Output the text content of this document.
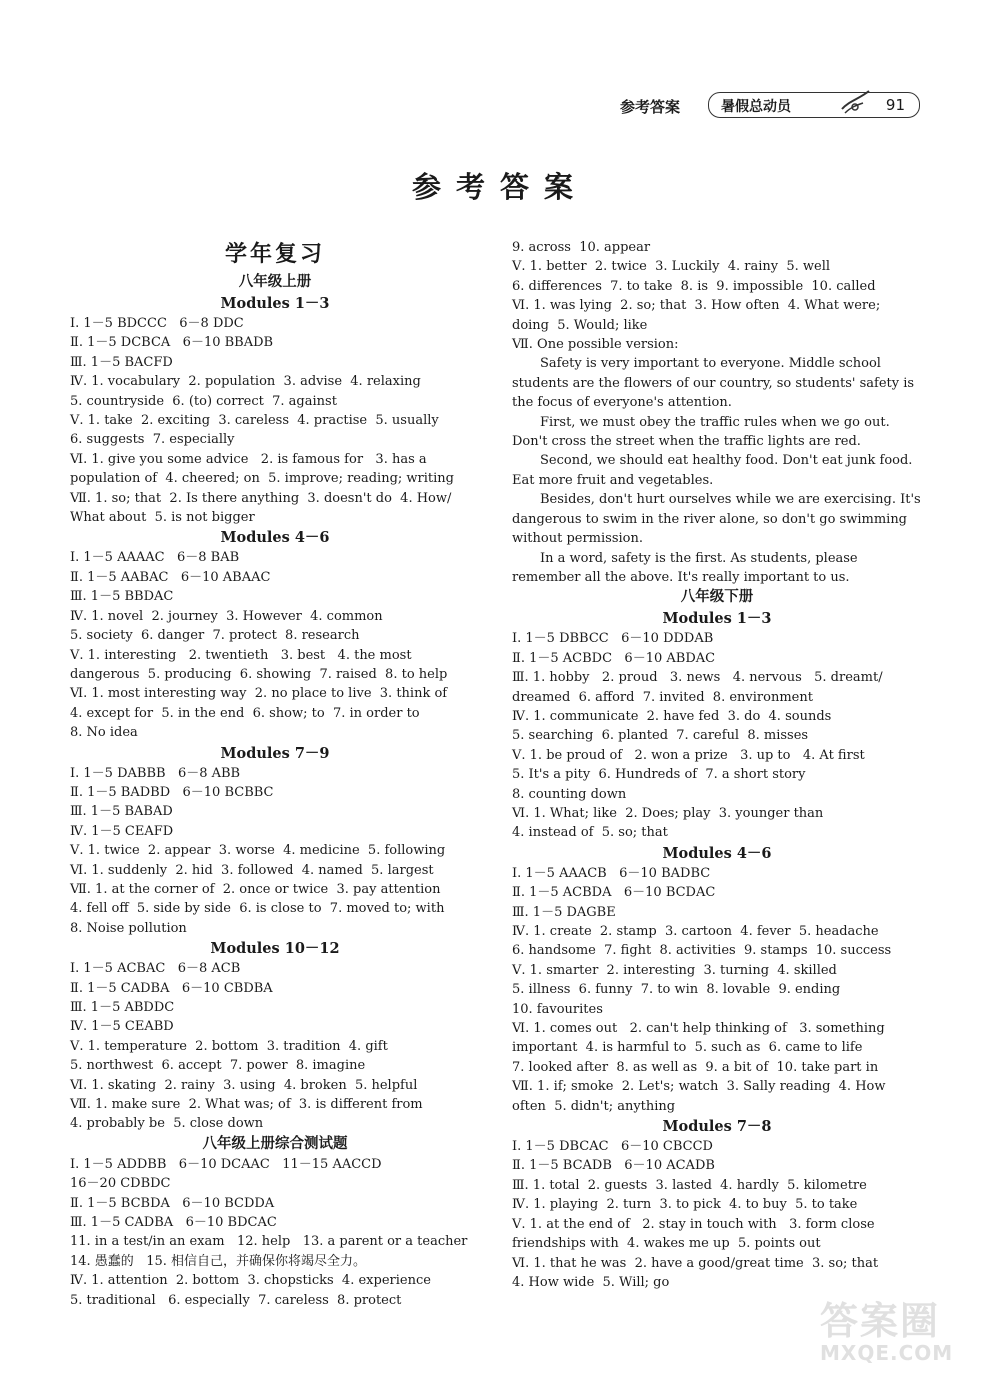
参考答案	暑假总动员	91
参考答案
学年复习
八年级上册
Modules 1－3
Ⅰ. 1－5 BDCCC   6－8 DDC
Ⅱ. 1－5 DCBCA   6－10 BBADB
Ⅲ. 1－5 BACFD
Ⅳ. 1. vocabulary  2. population  3. advise  4. relaxing
5. countryside  6. (to) correct  7. against
Ⅴ. 1. take  2. exciting  3. careless  4. practise  5. usually
6. suggests  7. especially
Ⅵ. 1. give you some advice   2. is famous for   3. has a
population of  4. cheered; on  5. improve; reading; writing
Ⅶ. 1. so; that  2. Is there anything  3. doesn't do  4. How/
What about  5. is not bigger
Modules 4－6
Ⅰ. 1－5 AAAAC   6－8 BAB
Ⅱ. 1－5 AABAC   6－10 ABAAC
Ⅲ. 1－5 BBDAC
Ⅳ. 1. novel  2. journey  3. However  4. common
5. society  6. danger  7. protect  8. research
Ⅴ. 1. interesting   2. twentieth   3. best   4. the most
dangerous  5. producing  6. showing  7. raised  8. to help
Ⅵ. 1. most interesting way  2. no place to live  3. think of
4. except for  5. in the end  6. show; to  7. in order to
8. No idea
Modules 7－9
Ⅰ. 1－5 DABBB   6－8 ABB
Ⅱ. 1－5 BADBD   6－10 BCBBC
Ⅲ. 1－5 BABAD
Ⅳ. 1－5 CEAFD
Ⅴ. 1. twice  2. appear  3. worse  4. medicine  5. following
Ⅵ. 1. suddenly  2. hid  3. followed  4. named  5. largest
Ⅶ. 1. at the corner of  2. once or twice  3. pay attention
4. fell off  5. side by side  6. is close to  7. moved to; with
8. Noise pollution
Modules 10－12
Ⅰ. 1－5 ACBAC   6－8 ACB
Ⅱ. 1－5 CADBA   6－10 CBDBA
Ⅲ. 1－5 ABDDC
Ⅳ. 1－5 CEABD
Ⅴ. 1. temperature  2. bottom  3. tradition  4. gift
5. northwest  6. accept  7. power  8. imagine
Ⅵ. 1. skating  2. rainy  3. using  4. broken  5. helpful
Ⅶ. 1. make sure  2. What was; of  3. is different from
4. probably be  5. close down
八年级上册综合测试题
Ⅰ. 1－5 ADDBB   6－10 DCAAC   11－15 AACCD
16－20 CDBDC
Ⅱ. 1－5 BCBDA   6－10 BCDDA
Ⅲ. 1－5 CADBA   6－10 BDCAC
11. in a test/in an exam   12. help   13. a parent or a teacher
14. 愚蠢的   15. 相信自己，并确保你将竭尽全力。
Ⅳ. 1. attention  2. bottom  3. chopsticks  4. experience
5. traditional   6. especially  7. careless  8. protect
9. across  10. appear
Ⅴ. 1. better  2. twice  3. Luckily  4. rainy  5. well
6. differences  7. to take  8. is  9. impossible  10. called
Ⅵ. 1. was lying  2. so; that  3. How often  4. What were;
doing  5. Would; like
Ⅶ. One possible version:
Safety is very important to everyone. Middle school
students are the flowers of our country, so students' safety is
the focus of everyone's attention.
First, we must obey the traffic rules when we go out.
Don't cross the street when the traffic lights are red.
Second, we should eat healthy food. Don't eat junk food.
Eat more fruit and vegetables.
Besides, don't hurt ourselves while we are exercising. It's
dangerous to swim in the river alone, so don't go swimming
without permission.
In a word, safety is the first. As students, please
remember all the above. It's really important to us.
八年级下册
Modules 1－3
Ⅰ. 1－5 DBBCC   6－10 DDDAB
Ⅱ. 1－5 ACBDC   6－10 ABDAC
Ⅲ. 1. hobby   2. proud   3. news   4. nervous   5. dreamt/
dreamed  6. afford  7. invited  8. environment
Ⅳ. 1. communicate  2. have fed  3. do  4. sounds
5. searching  6. planted  7. careful  8. misses
Ⅴ. 1. be proud of   2. won a prize   3. up to   4. At first
5. It's a pity  6. Hundreds of  7. a short story
8. counting down
Ⅵ. 1. What; like  2. Does; play  3. younger than
4. instead of  5. so; that
Modules 4－6
Ⅰ. 1－5 AAACB   6－10 BADBC
Ⅱ. 1－5 ACBDA   6－10 BCDAC
Ⅲ. 1－5 DAGBE
Ⅳ. 1. create  2. stamp  3. cartoon  4. fever  5. headache
6. handsome  7. fight  8. activities  9. stamps  10. success
Ⅴ. 1. smarter  2. interesting  3. turning  4. skilled
5. illness  6. funny  7. to win  8. lovable  9. ending
10. favourites
Ⅵ. 1. comes out   2. can't help thinking of   3. something
important  4. is harmful to  5. such as  6. came to life
7. looked after  8. as well as  9. a bit of  10. take part in
Ⅶ. 1. if; smoke  2. Let's; watch  3. Sally reading  4. How
often  5. didn't; anything
Modules 7－8
Ⅰ. 1－5 DBCAC   6－10 CBCCD
Ⅱ. 1－5 BCADB   6－10 ACADB
Ⅲ. 1. total  2. guests  3. lasted  4. hardly  5. kilometre
Ⅳ. 1. playing  2. turn  3. to pick  4. to buy  5. to take
Ⅴ. 1. at the end of   2. stay in touch with   3. form close
friendships with  4. wakes me up  5. points out
Ⅵ. 1. that he was  2. have a good/great time  3. so; that
4. How wide  5. Will; go
答案圈
MXQE.COM
